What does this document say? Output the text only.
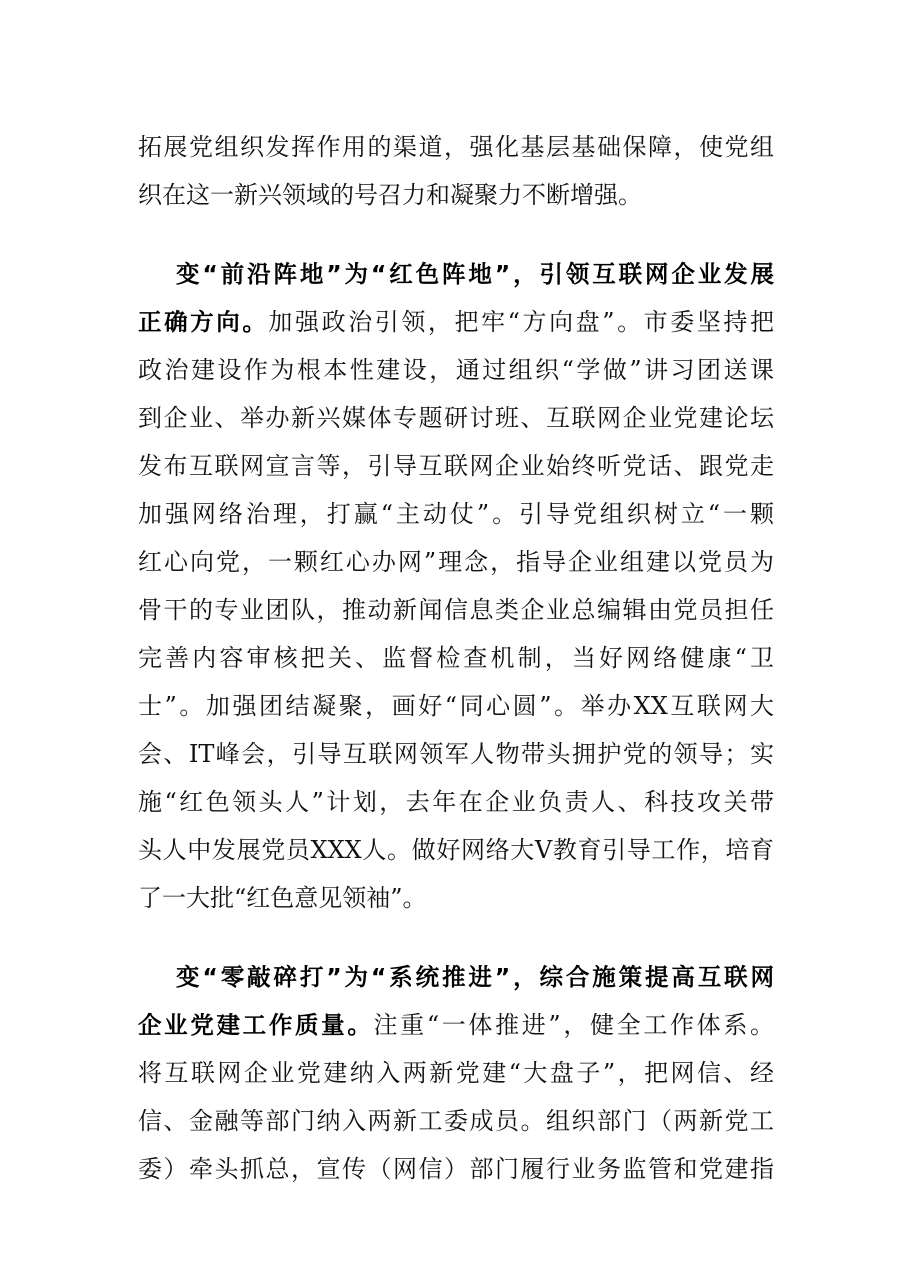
拓展党组织发挥作用的渠道，强化基层基础保障，使党组
织在这一新兴领域的号召力和凝聚力不断增强。
变“前沿阵地”为“红色阵地”，引领互联网企业发展
正确方向。加强政治引领，把牢“方向盘”。市委坚持把
政治建设作为根本性建设，通过组织“学做”讲习团送课
到企业、举办新兴媒体专题研讨班、互联网企业党建论坛
发布互联网宣言等，引导互联网企业始终听党话、跟党走
加强网络治理，打赢“主动仗”。引导党组织树立“一颗
红心向党，一颗红心办网”理念，指导企业组建以党员为
骨干的专业团队，推动新闻信息类企业总编辑由党员担任
完善内容审核把关、监督检查机制，当好网络健康“卫
士”。加强团结凝聚，画好“同心圆”。举办XX互联网大
会、IT峰会，引导互联网领军人物带头拥护党的领导；实
施“红色领头人”计划，去年在企业负责人、科技攻关带
头人中发展党员XXX人。做好网络大V教育引导工作，培育
了一大批“红色意见领袖”。
变“零敲碎打”为“系统推进”，综合施策提高互联网
企业党建工作质量。注重“一体推进”，健全工作体系。
将互联网企业党建纳入两新党建“大盘子”，把网信、经
信、金融等部门纳入两新工委成员。组织部门（两新党工
委）牵头抓总，宣传（网信）部门履行业务监管和党建指
